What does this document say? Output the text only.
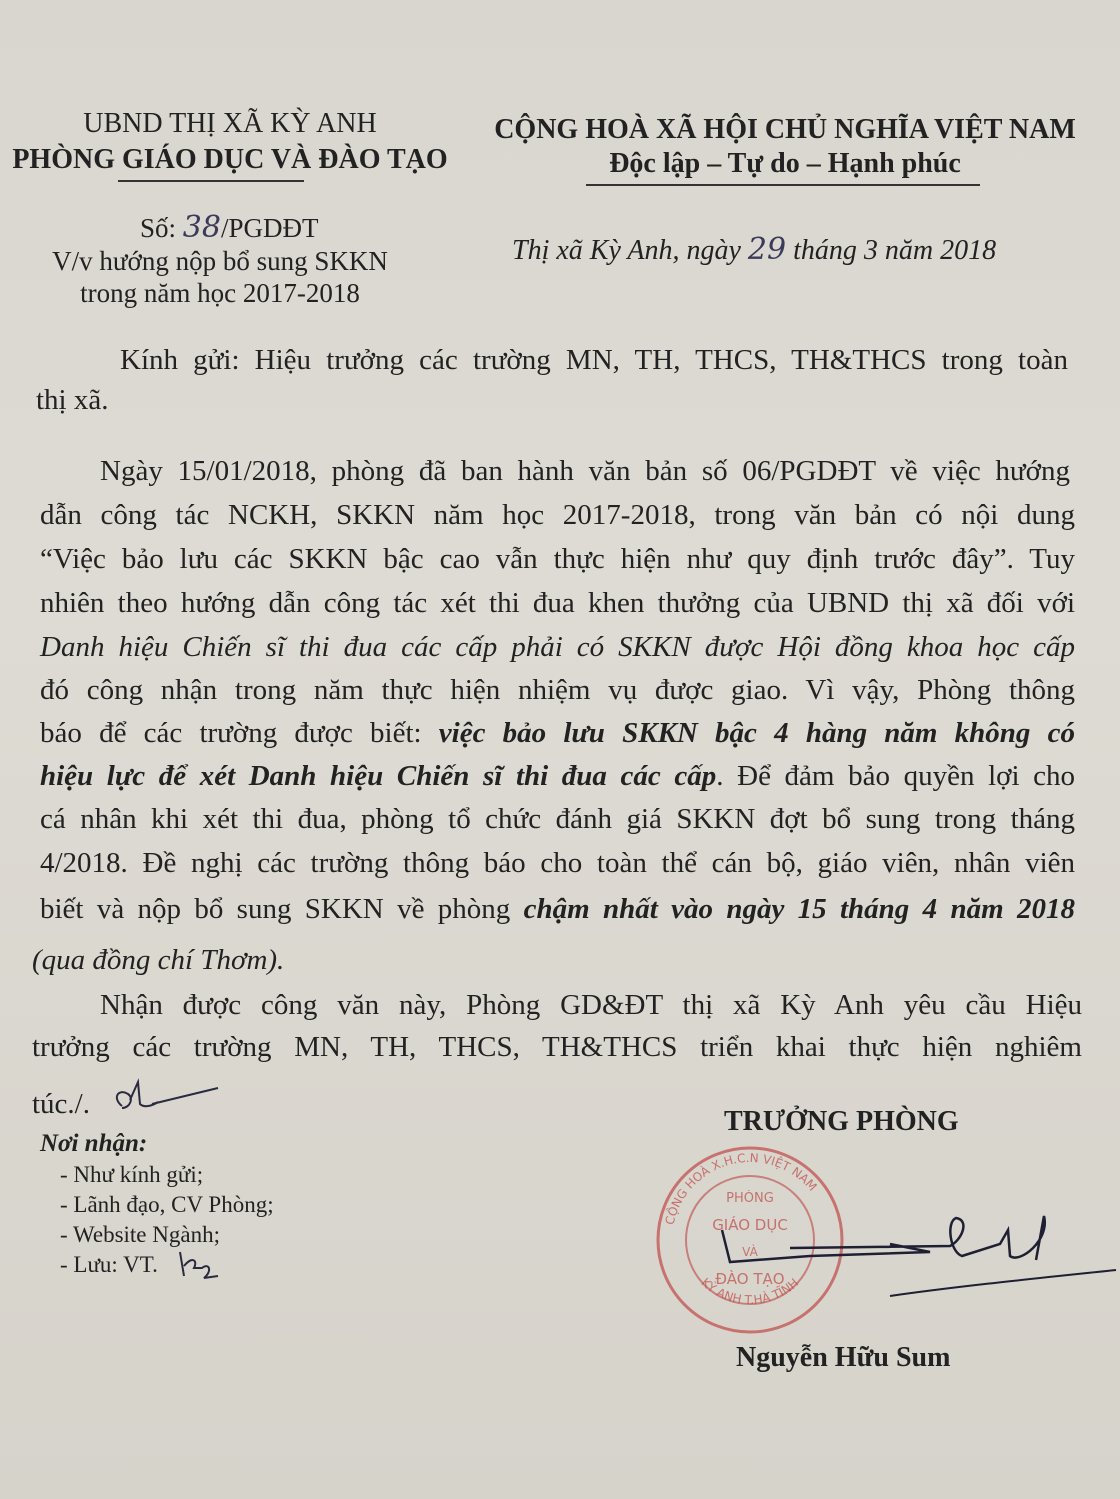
UBND THỊ XÃ KỲ ANH
PHÒNG GIÁO DỤC VÀ ĐÀO TẠO
Số: 38/PGDĐT
V/v hướng nộp bổ sung SKKN
trong năm học 2017-2018
CỘNG HOÀ XÃ HỘI CHỦ NGHĨA VIỆT NAM
Độc lập – Tự do – Hạnh phúc
Thị xã Kỳ Anh, ngày 29 tháng 3 năm 2018
Kính gửi: Hiệu trưởng các trường MN, TH, THCS, TH&THCS trong toàn
thị xã.
Ngày 15/01/2018, phòng đã ban hành văn bản số 06/PGDĐT về việc hướng
dẫn công tác NCKH, SKKN năm học 2017-2018, trong văn bản có nội dung
“Việc bảo lưu các SKKN bậc cao vẫn thực hiện như quy định trước đây”. Tuy
nhiên theo hướng dẫn công tác xét thi đua khen thưởng của UBND thị xã đối với
Danh hiệu Chiến sĩ thi đua các cấp phải có SKKN được Hội đồng khoa học cấp
đó công nhận trong năm thực hiện nhiệm vụ được giao. Vì vậy, Phòng thông
báo để các trường được biết: việc bảo lưu SKKN bậc 4 hàng năm không có
hiệu lực để xét Danh hiệu Chiến sĩ thi đua các cấp. Để đảm bảo quyền lợi cho
cá nhân khi xét thi đua, phòng tổ chức đánh giá SKKN đợt bổ sung trong tháng
4/2018. Đề nghị các trường thông báo cho toàn thể cán bộ, giáo viên, nhân viên
biết và nộp bổ sung SKKN về phòng chậm nhất vào ngày 15 tháng 4 năm 2018
(qua đồng chí Thơm).
Nhận được công văn này, Phòng GD&ĐT thị xã Kỳ Anh yêu cầu Hiệu
trưởng các trường MN, TH, THCS, TH&THCS triển khai thực hiện nghiêm
túc./.
Nơi nhận:
- Như kính gửi;
- Lãnh đạo, CV Phòng;
- Website Ngành;
- Lưu: VT.
TRƯỞNG PHÒNG
CỘNG HOÀ X.H.C.N VIỆT NAM
KỲ ANH T.HÀ TĨNH
PHÒNG
GIÁO DỤC
VÀ
ĐÀO TẠO
Nguyễn Hữu Sum
